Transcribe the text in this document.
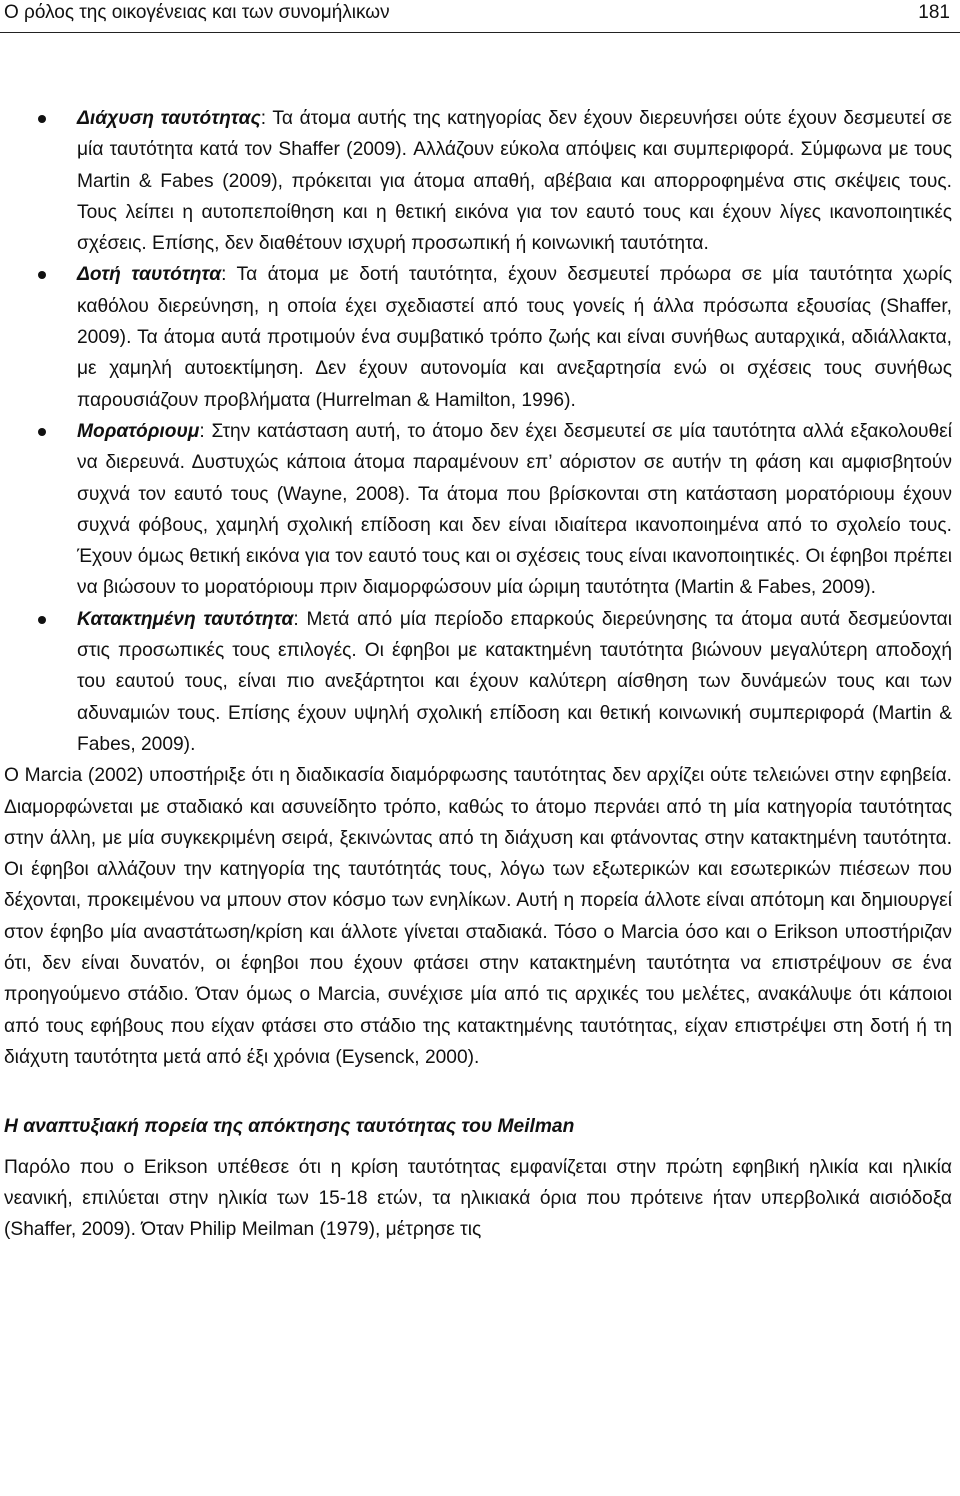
Ο ρόλος της οικογένειας και των συνομήλικων	181
Διάχυση ταυτότητας: Τα άτομα αυτής της κατηγορίας δεν έχουν διερευνήσει ούτε έχουν δεσμευτεί σε μία ταυτότητα κατά τον Shaffer (2009). Αλλάζουν εύκολα απόψεις και συμπεριφορά. Σύμφωνα με τους Martin & Fabes (2009), πρόκειται για άτομα απαθή, αβέβαια και απορροφημένα στις σκέψεις τους. Τους λείπει η αυτοπεποίθηση και η θετική εικόνα για τον εαυτό τους και έχουν λίγες ικανοποιητικές σχέσεις. Επίσης, δεν διαθέτουν ισχυρή προσωπική ή κοινωνική ταυτότητα.
Δοτή ταυτότητα: Τα άτομα με δοτή ταυτότητα, έχουν δεσμευτεί πρόωρα σε μία ταυτότητα χωρίς καθόλου διερεύνηση, η οποία έχει σχεδιαστεί από τους γονείς ή άλλα πρόσωπα εξουσίας (Shaffer, 2009). Τα άτομα αυτά προτιμούν ένα συμβατικό τρόπο ζωής και είναι συνήθως αυταρχικά, αδιάλλακτα, με χαμηλή αυτοεκτίμηση. Δεν έχουν αυτονομία και ανεξαρτησία ενώ οι σχέσεις τους συνήθως παρουσιάζουν προβλήματα (Hurrelman & Hamilton, 1996).
Μορατόριουμ: Στην κατάσταση αυτή, το άτομο δεν έχει δεσμευτεί σε μία ταυτότητα αλλά εξακολουθεί να διερευνά. Δυστυχώς κάποια άτομα παραμένουν επ’ αόριστον σε αυτήν τη φάση και αμφισβητούν συχνά τον εαυτό τους (Wayne, 2008). Τα άτομα που βρίσκονται στη κατάσταση μορατόριουμ έχουν συχνά φόβους, χαμηλή σχολική επίδοση και δεν είναι ιδιαίτερα ικανοποιημένα από το σχολείο τους. Έχουν όμως θετική εικόνα για τον εαυτό τους και οι σχέσεις τους είναι ικανοποιητικές. Οι έφηβοι πρέπει να βιώσουν το μορατόριουμ πριν διαμορφώσουν μία ώριμη ταυτότητα (Martin & Fabes, 2009).
Κατακτημένη ταυτότητα: Μετά από μία περίοδο επαρκούς διερεύνησης τα άτομα αυτά δεσμεύονται στις προσωπικές τους επιλογές. Οι έφηβοι με κατακτημένη ταυτότητα βιώνουν μεγαλύτερη αποδοχή του εαυτού τους, είναι πιο ανεξάρτητοι και έχουν καλύτερη αίσθηση των δυνάμεών τους και των αδυναμιών τους. Επίσης έχουν υψηλή σχολική επίδοση και θετική κοινωνική συμπεριφορά (Martin & Fabes, 2009).

Ο Marcia (2002) υποστήριξε ότι η διαδικασία διαμόρφωσης ταυτότητας δεν αρχίζει ούτε τελειώνει στην εφηβεία. Διαμορφώνεται με σταδιακό και ασυνείδητο τρόπο, καθώς το άτομο περνάει από τη μία κατηγορία ταυτότητας στην άλλη, με μία συγκεκριμένη σειρά, ξεκινώντας από τη διάχυση και φτάνοντας στην κατακτημένη ταυτότητα. Οι έφηβοι αλλάζουν την κατηγορία της ταυτότητάς τους, λόγω των εξωτερικών και εσωτερικών πιέσεων που δέχονται, προκειμένου να μπουν στον κόσμο των ενηλίκων. Αυτή η πορεία άλλοτε είναι απότομη και δημιουργεί στον έφηβο μία αναστάτωση/κρίση και άλλοτε γίνεται σταδιακά. Τόσο ο Marcia όσο και ο Erikson υποστήριζαν ότι, δεν είναι δυνατόν, οι έφηβοι που έχουν φτάσει στην κατακτημένη ταυτότητα να επιστρέψουν σε ένα προηγούμενο στάδιο. Όταν όμως ο Marcia, συνέχισε μία από τις αρχικές του μελέτες, ανακάλυψε ότι κάποιοι από τους εφήβους που είχαν φτάσει στο στάδιο της κατακτημένης ταυτότητας, είχαν επιστρέψει στη δοτή ή τη διάχυτη ταυτότητα μετά από έξι χρόνια (Eysenck, 2000).

Η αναπτυξιακή πορεία της απόκτησης ταυτότητας του Meilman

Παρόλο που ο Erikson υπέθεσε ότι η κρίση ταυτότητας εμφανίζεται στην πρώτη εφηβική ηλικία και ηλικία νεανική, επιλύεται στην ηλικία των 15-18 ετών, τα ηλικιακά όρια που πρότεινε ήταν υπερβολικά αισιόδοξα (Shaffer, 2009). Όταν Philip Meilman (1979), μέτρησε τις
